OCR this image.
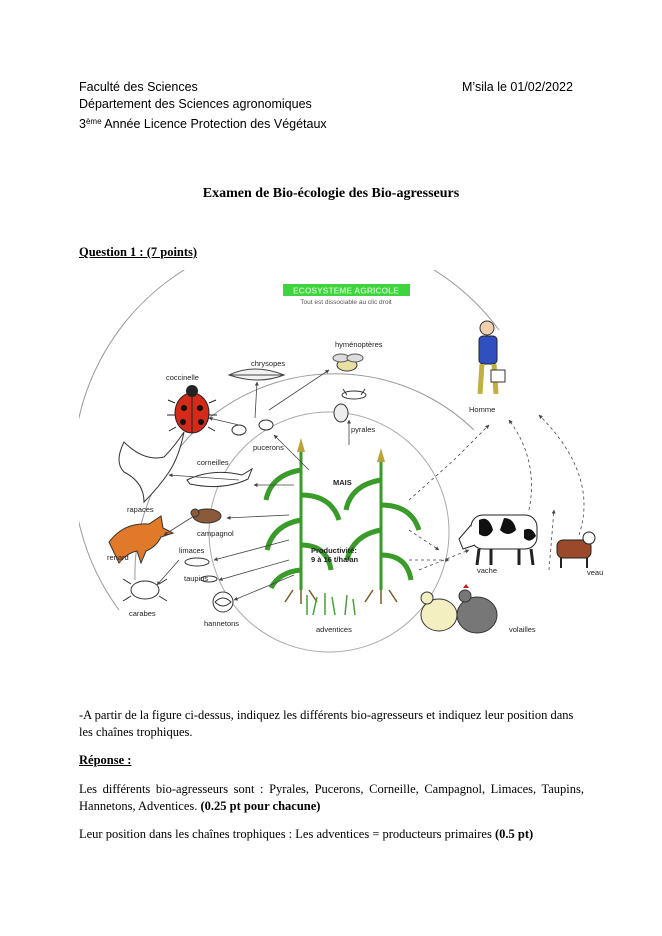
Faculté des Sciences
Département des Sciences agronomiques
3ème Année Licence Protection des Végétaux
M’sila le 01/02/2022
Examen de Bio-écologie des Bio-agresseurs
Question 1 : (7 points)
ECOSYSTEME AGRICOLE
Tout est dissociable au clic droit
MAIS
Productivité:
9 à 16 t/ha/an
adventices
hyménoptères
pyrales
chrysopes
coccinelle
pucerons
corneilles
rapaces
campagnol
renard
limaces
taupins
carabes
hannetons
Homme
vache	veau
volailles
-A partir de la figure ci-dessus, indiquez les différents bio-agresseurs et indiquez leur position dans les chaînes trophiques.
Réponse :
Les différents bio-agresseurs sont : Pyrales, Pucerons, Corneille, Campagnol, Limaces, Taupins, Hannetons, Adventices. (0.25 pt pour chacune)
Leur position dans les chaînes trophiques : Les adventices = producteurs primaires (0.5 pt)
